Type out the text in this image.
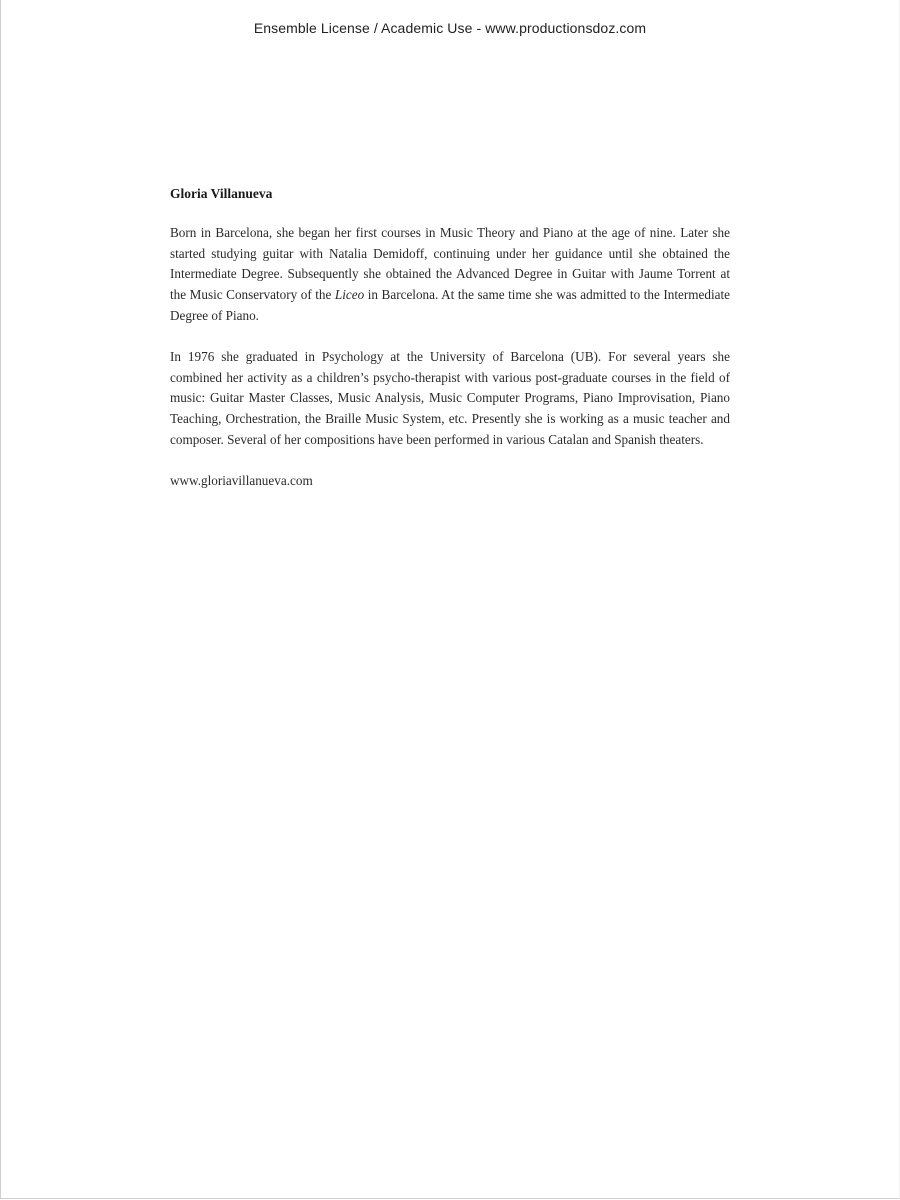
Ensemble License / Academic Use - www.productionsdoz.com

Gloria Villanueva

Born in Barcelona, she began her first courses in Music Theory and Piano at the age of nine. Later she started studying guitar with Natalia Demidoff, continuing under her guidance until she obtained the Intermediate Degree. Subsequently she obtained the Advanced Degree in Guitar with Jaume Torrent at the Music Conservatory of the Liceo in Barcelona. At the same time she was admitted to the Intermediate Degree of Piano.

In 1976 she graduated in Psychology at the University of Barcelona (UB). For several years she combined her activity as a children’s psycho-therapist with various post-graduate courses in the field of music: Guitar Master Classes, Music Analysis, Music Computer Programs, Piano Improvisation, Piano Teaching, Orchestration, the Braille Music System, etc. Presently she is working as a music teacher and composer. Several of her compositions have been performed in various Catalan and Spanish theaters.

www.gloriavillanueva.com
